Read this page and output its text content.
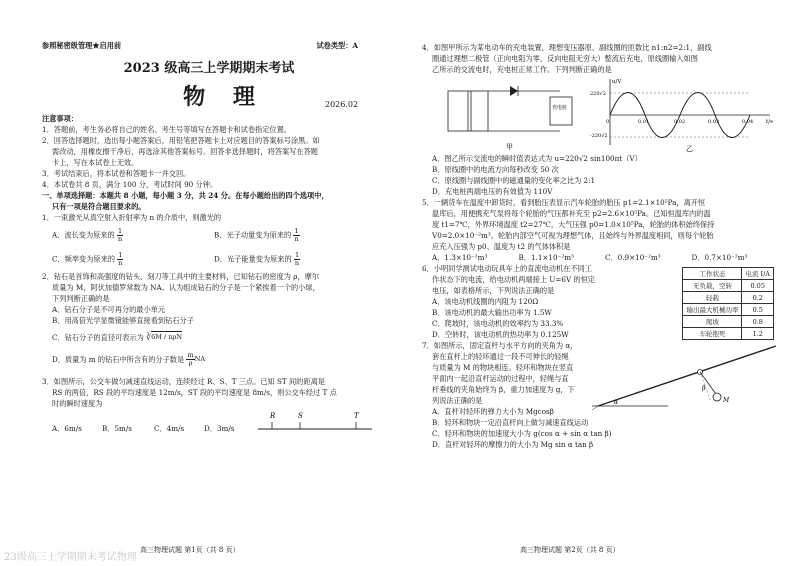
参照秘密级管理★启用前	试卷类型：A
2023 级高三上学期期末考试
物 理
注意事项：
1．答题前，考生务必将自己的姓名、考生号等填写在答题卡和试卷指定位置。
2．回答选择题时，选出每小题答案后，用铅笔把答题卡上对应题目的答案标号涂黑。如
需改动，用橡皮擦干净后，再选涂其他答案标号。回答非选择题时，将答案写在答题
卡上，写在本试卷上无效。
3．考试结束后，将本试卷和答题卡一并交回。
4．本试卷共 8 页，满分 100 分，考试时间 90 分钟。
一、单项选择题：本题共 8 小题，每小题 3 分，共 24 分。在每小题给出的四个选项中，
只有一项是符合题目要求的。
1．一束激光从真空射入折射率为 n 的介质中，则激光的
A．波长变为原来的 $\frac{1}{n}$	B．光子动量变为原来的 $\frac{1}{n}$
C．频率变为原来的 $\frac{1}{n}$	D．光子能量变为原来的 $\frac{1}{n}$
2．钻石是首饰和高强度的钻头、刻刀等工具中的主要材料，已知钻石的密度为 ρ，摩尔
质量为 M，阿伏加德罗常数为 NA。认为组成钻石的分子是一个紧挨着一个的小球，
下列判断正确的是
A．钻石分子是不可再分的最小单元
B．用高倍光学显微镜能够直接看到钻石分子
C．钻石分子的直径可表示为
∛ 6M / πρN
D．质量为 m 的钻石中所含有的分子数是
$\frac{m}{\rho}$ NA
3．如图所示，公交车做匀减速直线运动，连续经过 R、S、T 三点。已知 ST 间的距离是
RS 的两倍，RS 段的平均速度是 12m/s，ST 段的平均速度是 8m/s，则公交车经过 T 点
时的瞬时速度为
A．6m/s	B．5m/s	C．4m/s	D．3m/s
R	S	T
高三物理试题 第1页（共 8 页）
2026.02
4．如图甲所示为某电动车的充电装置，理想变压器原、副线圈的匝数比 n1:n2=2:1，副线
圈通过理想二极管（正向电阻为零，反向电阻无穷大）整流后充电，原线圈输入如图
乙所示的交流电时，充电桩正常工作。下列判断正确的是
充电桩
甲
u/V
220√2
-220√2
t/s
0	0.01	0.02	0.03	0.04
乙
A．图乙所示交流电的瞬时值表达式为 u=220√2 sin100πt（V）
B．原线圈中的电流方向每秒改变 50 次
C．原线圈与副线圈中的磁通量的变化率之比为 2:1
D．充电桩两端电压的有效值为 110V
5．一辆货车在温度中卸货时，看到胎压表显示汽车轮胎的胎压 p1=2.1×10⁵Pa，离开恒
温库后，用便携充气泵将每个轮胎的气压都补充至 p2=2.6×10⁵Pa。已知恒温库内的温
度 t1=7℃，外界环境温度 t2=27℃，大气压强 p0=1.0×10⁵Pa，轮胎的体积始终保持
V0=2.0×10⁻²m³。轮胎内部空气可视为理想气体，且始终与外界温度相同，则每个轮胎
应充入压强为 p0、温度为 t2 的气体体积是
A．1.3×10⁻²m³	B．1.1×10⁻²m³	C．0.9×10⁻²m³	D．0.7×10⁻²m³
6．小明同学测试电动玩具车上的直流电动机在不同工
作状态下的电流，给电动机两端接上 U=6V 的恒定
电压，如表格所示，下列说法正确的是
A．该电动机线圈的内阻为 120Ω
B．该电动机的最大输出功率为 1.5W
C．爬坡时，该电动机的效率约为 33.3%
D．空转时，该电动机的热功率为 0.125W
工作状态	电流 I/A
无负载，空转	0.05
轻载	0.2
输出最大机械功率	0.5
爬坡	0.8
车轮抱死	1.2
7．如图所示，固定直杆与水平方向的夹角为 α，
套在直杆上的轻环通过一段不可伸长的轻绳
与质量为 M 的物块相连。轻环和物块在竖直
平面内一起沿直杆运动的过程中，轻绳与直
杆垂线的夹角始终为 β，重力加速度为 g，下
列说法正确的是
A．直杆对轻环的弹力大小为 Mgcosβ
B．轻环和物块一定沿直杆向上做匀减速直线运动
C．轻环和物块的加速度大小为 g(cos α + sin α tan β)
D．直杆对轻环的摩擦力的大小为 Mg sin α tan β
α
β
M
高三物理试题 第2页（共 8 页）
23级高三上学期期末考试物理
